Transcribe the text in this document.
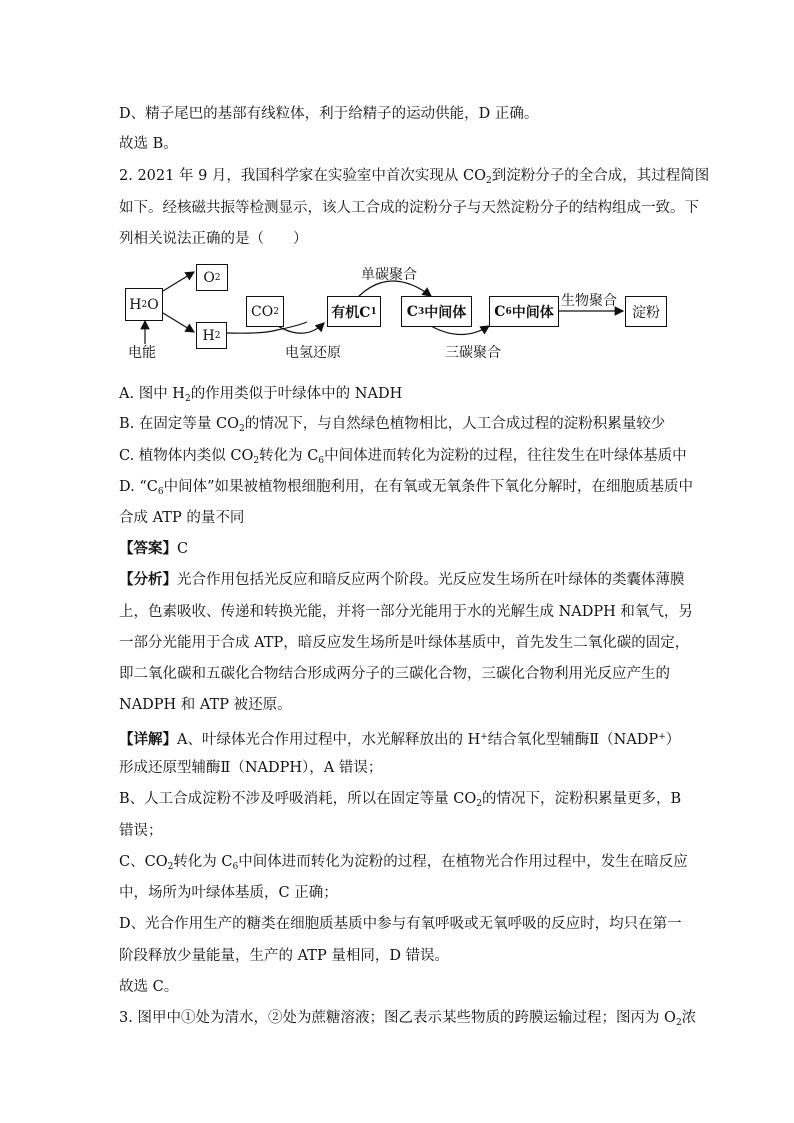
D、精子尾巴的基部有线粒体，利于给精子的运动供能，D 正确。
故选 B。
2. 2021 年 9 月，我国科学家在实验室中首次实现从 $CO_2$到淀粉分子的全合成，其过程简图
如下。经核磁共振等检测显示，该人工合成的淀粉分子与天然淀粉分子的结构组成一致。下
列相关说法正确的是（　　）
H 2 O
O 2
H 2
电能
CO 2	有机C 1 C 3 中间体 C 6 中间体	淀粉
单碳聚合
生物聚合
电氢还原	三碳聚合
A. 图中 $H_2$的作用类似于叶绿体中的 NADH
B. 在固定等量 $CO_2$的情况下，与自然绿色植物相比，人工合成过程的淀粉积累量较少
C. 植物体内类似 $CO_2$转化为 $C_6$中间体进而转化为淀粉的过程，往往发生在叶绿体基质中
D. “$C_6$中间体”如果被植物根细胞利用，在有氧或无氧条件下氧化分解时，在细胞质基质中
合成 ATP 的量不同
【答案】C
【分析】光合作用包括光反应和暗反应两个阶段。光反应发生场所在叶绿体的类囊体薄膜
上，色素吸收、传递和转换光能，并将一部分光能用于水的光解生成 NADPH 和氧气，另
一部分光能用于合成 ATP，暗反应发生场所是叶绿体基质中，首先发生二氧化碳的固定，
即二氧化碳和五碳化合物结合形成两分子的三碳化合物，三碳化合物利用光反应产生的
NADPH 和 ATP 被还原。
【详解】A、叶绿体光合作用过程中，水光解释放出的 H+结合氧化型辅酶Ⅱ（NADP+）
形成还原型辅酶Ⅱ（NADPH），A 错误；
B、人工合成淀粉不涉及呼吸消耗，所以在固定等量 $CO_2$的情况下，淀粉积累量更多，B
错误；
C、$CO_2$转化为 $C_6$中间体进而转化为淀粉的过程，在植物光合作用过程中，发生在暗反应
中，场所为叶绿体基质，C 正确；
D、光合作用生产的糖类在细胞质基质中参与有氧呼吸或无氧呼吸的反应时，均只在第一
阶段释放少量能量，生产的 ATP 量相同，D 错误。
故选 C。
3. 图甲中①处为清水，②处为蔗糖溶液；图乙表示某些物质的跨膜运输过程；图丙为 $O_2$浓
